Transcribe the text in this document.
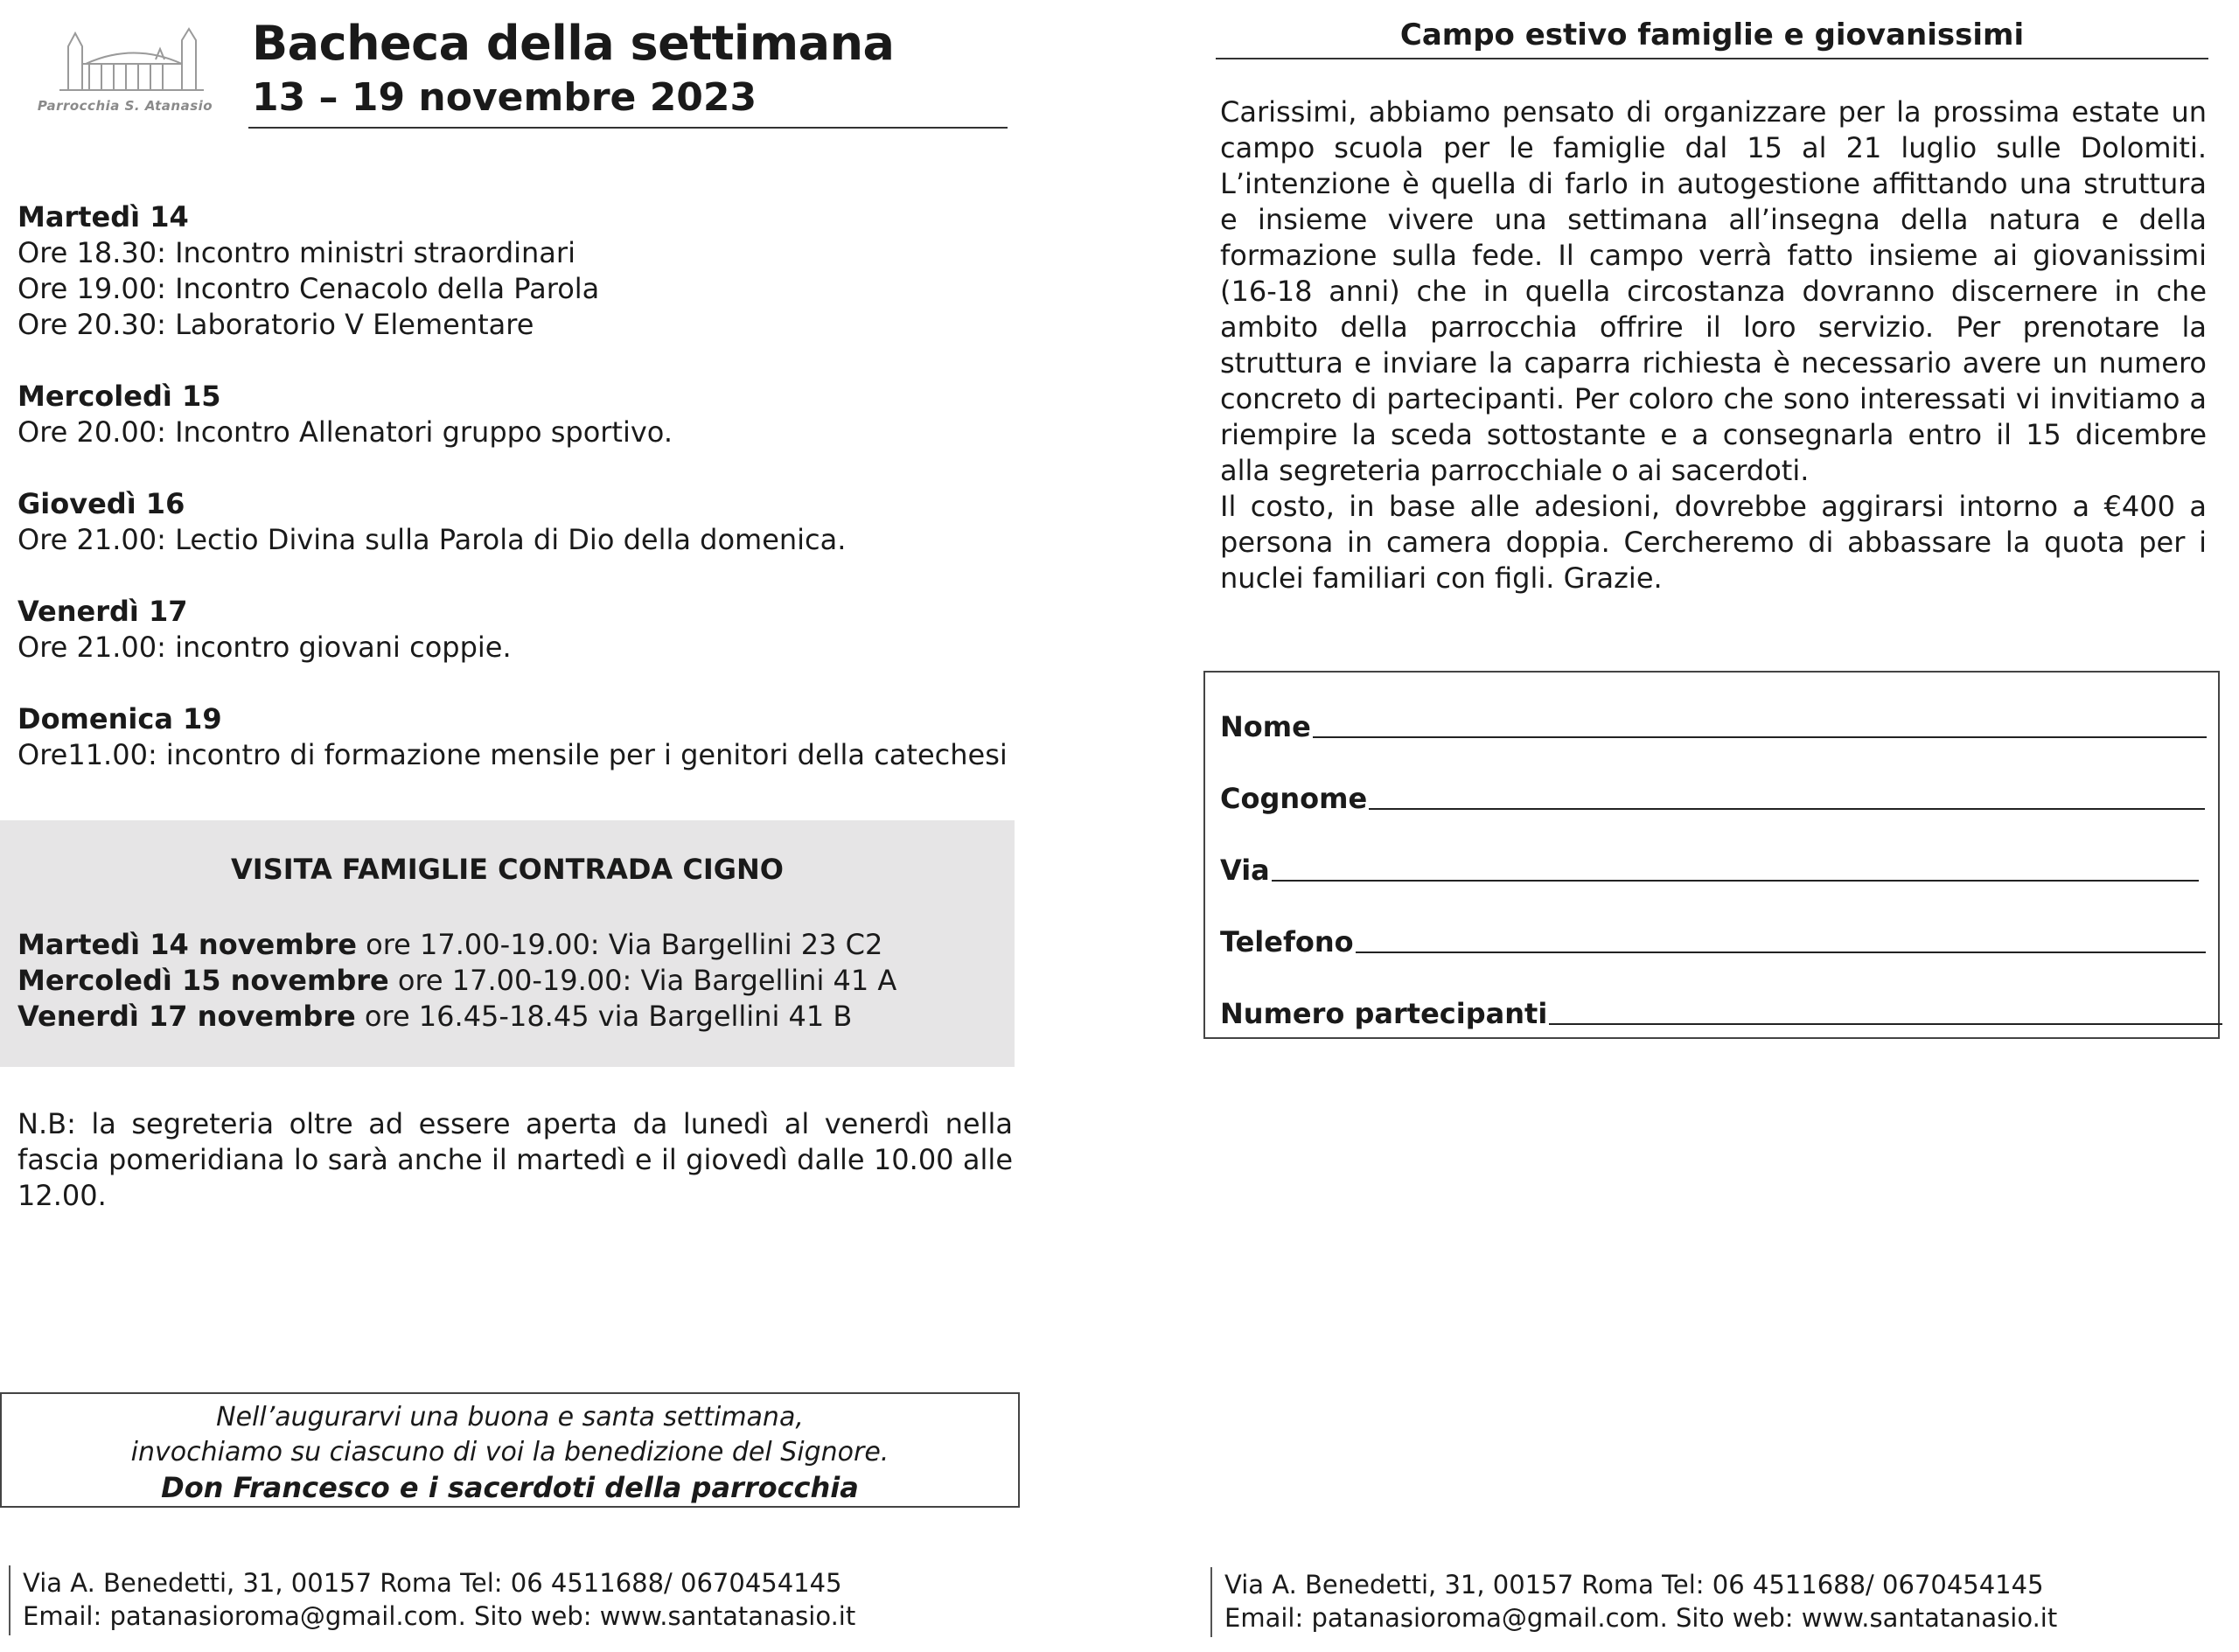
Parrocchia S. Atanasio
Bacheca della settimana
13 – 19 novembre 2023

Martedì 14

Ore 18.30: Incontro ministri straordinari

Ore 19.00: Incontro Cenacolo della Parola

Ore 20.30: Laboratorio V Elementare

Mercoledì 15

Ore 20.00: Incontro Allenatori gruppo sportivo.

Giovedì 16

Ore 21.00: Lectio Divina sulla Parola di Dio della domenica.

Venerdì 17

Ore 21.00: incontro giovani coppie.

Domenica 19

Ore11.00: incontro di formazione mensile per i genitori della catechesi

VISITA FAMIGLIE CONTRADA CIGNO
Martedì 14 novembre ore 17.00-19.00: Via Bargellini 23 C2
Mercoledì 15 novembre ore 17.00-19.00: Via Bargellini 41 A
Venerdì 17 novembre ore 16.45-18.45 via Bargellini 41 B
N.B: la segreteria oltre ad essere aperta da lunedì al venerdì nella fascia pomeridiana lo sarà anche il martedì e il giovedì dalle 10.00 alle 12.00.
Nell’augurarvi una buona e santa settimana,
invochiamo su ciascuno di voi la benedizione del Signore.
Don Francesco e i sacerdoti della parrocchia
Via A. Benedetti, 31, 00157 Roma Tel: 06 4511688/ 0670454145
Email: patanasioroma@gmail.com. Sito web: www.santatanasio.it
Campo estivo famiglie e giovanissimi

Carissimi, abbiamo pensato di organizzare per la prossima estate un campo scuola per le famiglie dal 15 al 21 luglio sulle Dolomiti. L’intenzione è quella di farlo in autogestione affittando una struttura e insieme vivere una settimana all’insegna della natura e della formazione sulla fede. Il campo verrà fatto insieme ai giovanissimi (16-18 anni) che in quella circostanza dovranno discernere in che ambito della parrocchia offrire il loro servizio. Per prenotare la struttura e inviare la caparra richiesta è necessario avere un numero concreto di partecipanti. Per coloro che sono interessati vi invitiamo a riempire la sceda sottostante e a consegnarla entro il 15 dicembre alla segreteria parrocchiale o ai sacerdoti.

Il costo, in base alle adesioni, dovrebbe aggirarsi intorno a €400 a persona in camera doppia. Cercheremo di abbassare la quota per i nuclei familiari con figli. Grazie.

Nome
Cognome
Via
Telefono
Numero partecipanti
Via A. Benedetti, 31, 00157 Roma Tel: 06 4511688/ 0670454145
Email: patanasioroma@gmail.com. Sito web: www.santatanasio.it
